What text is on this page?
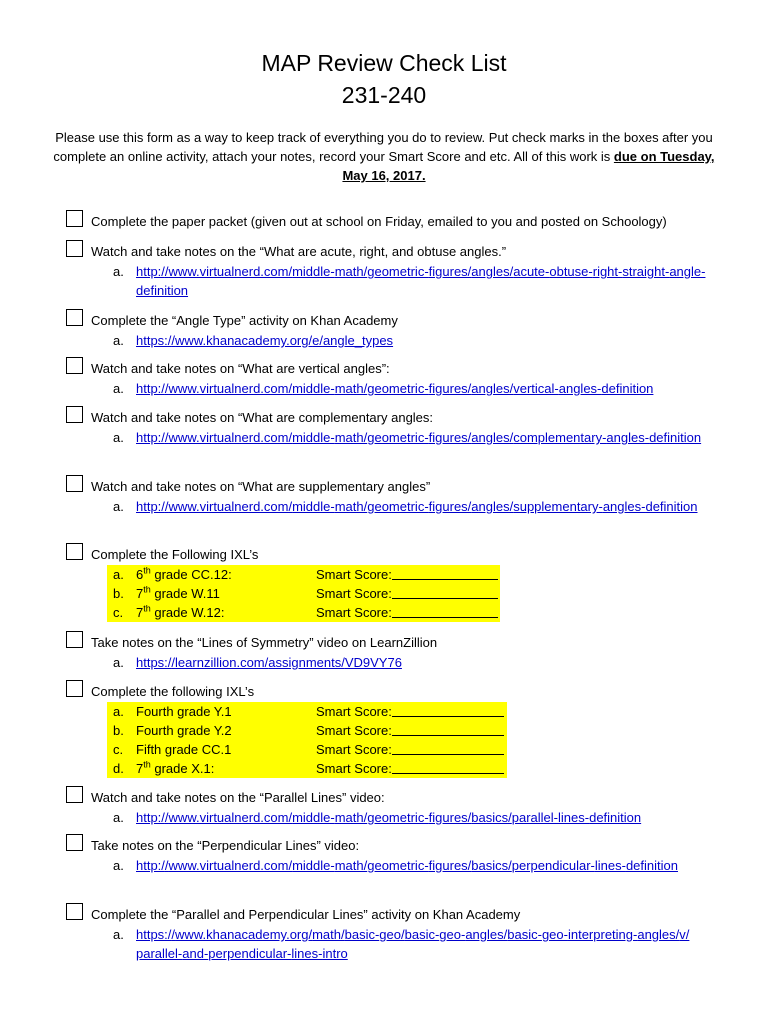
MAP Review Check List
231-240
Please use this form as a way to keep track of everything you do to review. Put check marks in the boxes after you complete an online activity, attach your notes, record your Smart Score and etc. All of this work is due on Tuesday, May 16, 2017.
Complete the paper packet (given out at school on Friday, emailed to you and posted on Schoology)
Watch and take notes on the “What are acute, right, and obtuse angles.”
a. http://www.virtualnerd.com/middle-math/geometric-figures/angles/acute-obtuse-right-straight-angle-definition
Complete the “Angle Type” activity on Khan Academy
a. https://www.khanacademy.org/e/angle_types
Watch and take notes on “What are vertical angles”:
a. http://www.virtualnerd.com/middle-math/geometric-figures/angles/vertical-angles-definition
Watch and take notes on “What are complementary angles:
a. http://www.virtualnerd.com/middle-math/geometric-figures/angles/complementary-angles-definition
Watch and take notes on “What are supplementary angles”
a. http://www.virtualnerd.com/middle-math/geometric-figures/angles/supplementary-angles-definition
Complete the Following IXL’s
a. 6th grade CC.12:	Smart Score:
b. 7th grade W.11	Smart Score:
c. 7th grade W.12:	Smart Score:
Take notes on the “Lines of Symmetry” video on LearnZillion
a. https://learnzillion.com/assignments/VD9VY76
Complete the following IXL’s
a. Fourth grade Y.1	Smart Score:
b. Fourth grade Y.2	Smart Score:
c. Fifth grade CC.1	Smart Score:
d. 7th grade X.1:	Smart Score:
Watch and take notes on the “Parallel Lines” video:
a. http://www.virtualnerd.com/middle-math/geometric-figures/basics/parallel-lines-definition
Take notes on the “Perpendicular Lines” video:
a. http://www.virtualnerd.com/middle-math/geometric-figures/basics/perpendicular-lines-definition
Complete the “Parallel and Perpendicular Lines” activity on Khan Academy
a. https://www.khanacademy.org/math/basic-geo/basic-geo-angles/basic-geo-interpreting-angles/v/parallel-and-perpendicular-lines-intro
